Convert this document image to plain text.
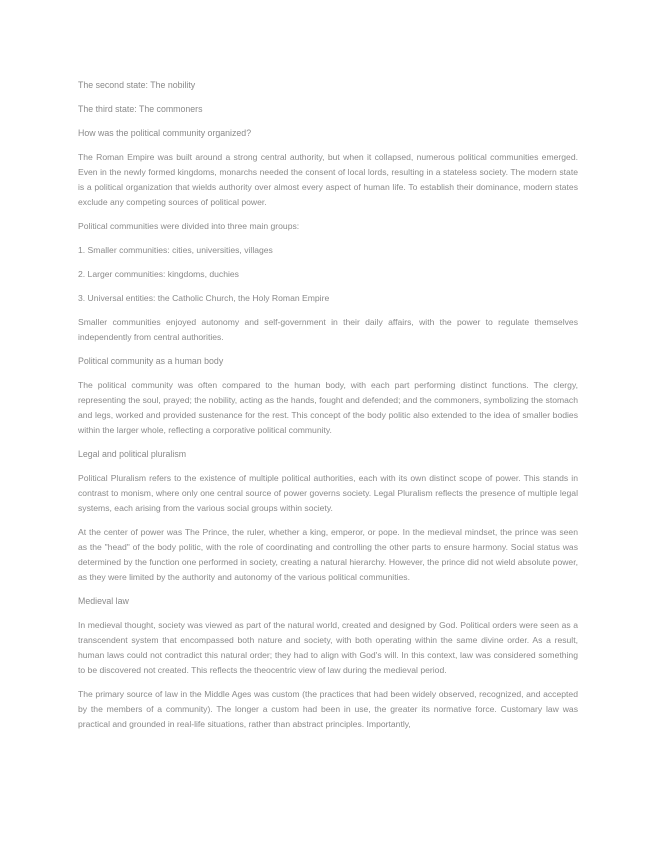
The second state: The nobility

The third state: The commoners

How was the political community organized?

The Roman Empire was built around a strong central authority, but when it collapsed, numerous political communities emerged. Even in the newly formed kingdoms, monarchs needed the consent of local lords, resulting in a stateless society. The modern state is a political organization that wields authority over almost every aspect of human life. To establish their dominance, modern states exclude any competing sources of political power.

Political communities were divided into three main groups:

1. Smaller communities: cities, universities, villages

2. Larger communities: kingdoms, duchies

3. Universal entities: the Catholic Church, the Holy Roman Empire

Smaller communities enjoyed autonomy and self-government in their daily affairs, with the power to regulate themselves independently from central authorities.

Political community as a human body

The political community was often compared to the human body, with each part performing distinct functions. The clergy, representing the soul, prayed; the nobility, acting as the hands, fought and defended; and the commoners, symbolizing the stomach and legs, worked and provided sustenance for the rest. This concept of the body politic also extended to the idea of smaller bodies within the larger whole, reflecting a corporative political community.

Legal and political pluralism

Political Pluralism refers to the existence of multiple political authorities, each with its own distinct scope of power. This stands in contrast to monism, where only one central source of power governs society. Legal Pluralism reflects the presence of multiple legal systems, each arising from the various social groups within society.

At the center of power was The Prince, the ruler, whether a king, emperor, or pope. In the medieval mindset, the prince was seen as the "head" of the body politic, with the role of coordinating and controlling the other parts to ensure harmony. Social status was determined by the function one performed in society, creating a natural hierarchy. However, the prince did not wield absolute power, as they were limited by the authority and autonomy of the various political communities.

Medieval law

In medieval thought, society was viewed as part of the natural world, created and designed by God. Political orders were seen as a transcendent system that encompassed both nature and society, with both operating within the same divine order. As a result, human laws could not contradict this natural order; they had to align with God's will. In this context, law was considered something to be discovered not created. This reflects the theocentric view of law during the medieval period.

The primary source of law in the Middle Ages was custom (the practices that had been widely observed, recognized, and accepted by the members of a community). The longer a custom had been in use, the greater its normative force. Customary law was practical and grounded in real-life situations, rather than abstract principles. Importantly,
